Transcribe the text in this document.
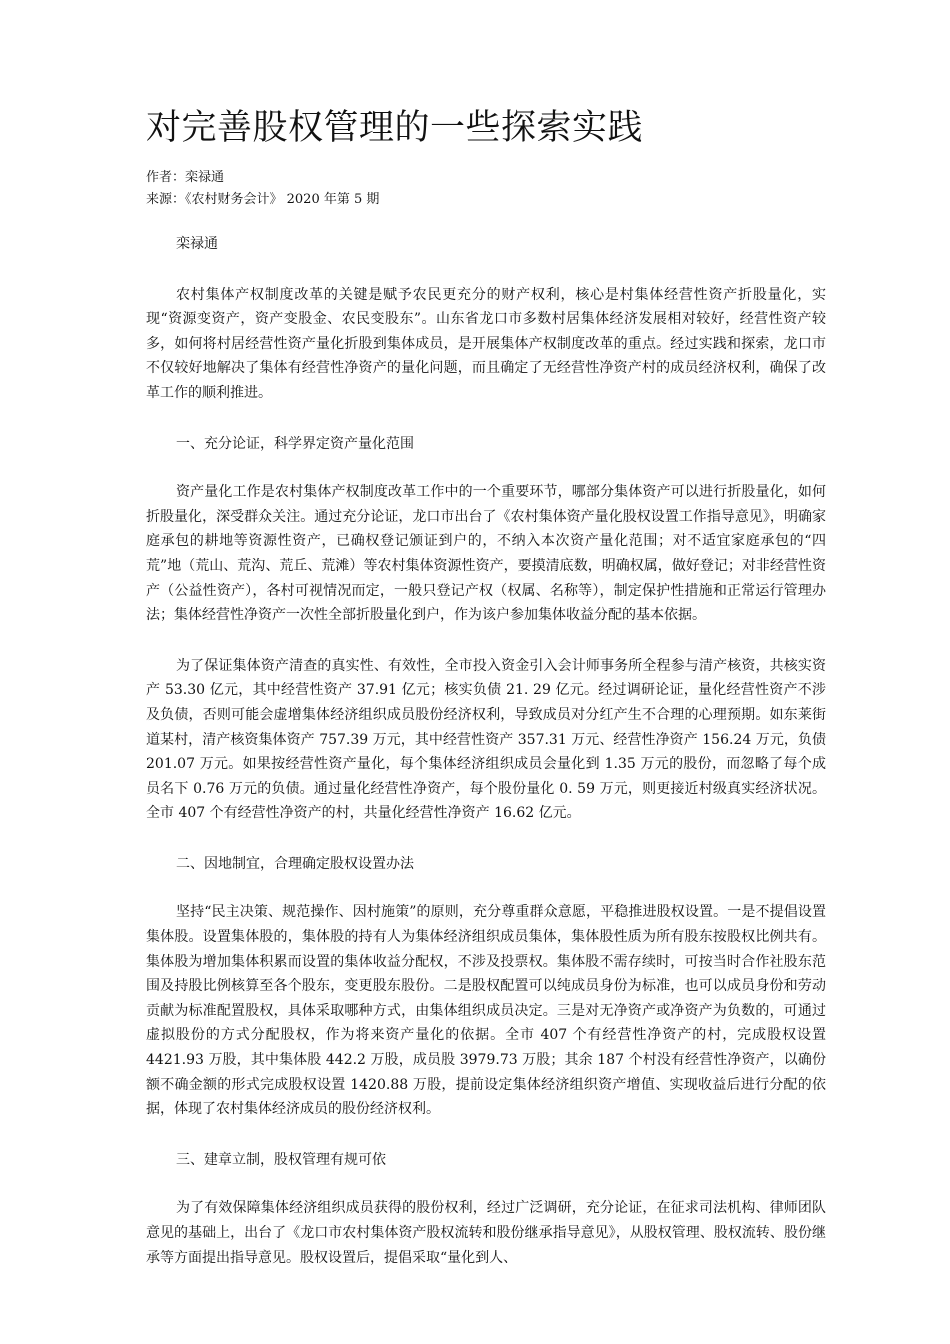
对完善股权管理的一些探索实践
作者：栾禄通
来源：《农村财务会计》 2020 年第 5 期

栾禄通

农村集体产权制度改革的关键是赋予农民更充分的财产权利，核心是村集体经营性资产折股量化，实现“资源变资产，资产变股金、农民变股东”。山东省龙口市多数村居集体经济发展相对较好，经营性资产较多，如何将村居经营性资产量化折股到集体成员，是开展集体产权制度改革的重点。经过实践和探索，龙口市不仅较好地解决了集体有经营性净资产的量化问题，而且确定了无经营性净资产村的成员经济权利，确保了改革工作的顺利推进。

一、充分论证，科学界定资产量化范围

资产量化工作是农村集体产权制度改革工作中的一个重要环节，哪部分集体资产可以进行折股量化，如何折股量化，深受群众关注。通过充分论证，龙口市出台了《农村集体资产量化股权设置工作指导意见》，明确家庭承包的耕地等资源性资产，已确权登记颁证到户的，不纳入本次资产量化范围；对不适宜家庭承包的“四荒”地（荒山、荒沟、荒丘、荒滩）等农村集体资源性资产，要摸清底数，明确权属，做好登记；对非经营性资产（公益性资产），各村可视情况而定，一般只登记产权（权属、名称等），制定保护性措施和正常运行管理办法；集体经营性净资产一次性全部折股量化到户，作为该户参加集体收益分配的基本依据。

为了保证集体资产清查的真实性、有效性，全市投入资金引入会计师事务所全程参与清产核资，共核实资产 53.30 亿元，其中经营性资产 37.91 亿元；核实负债 21. 29 亿元。经过调研论证，量化经营性资产不涉及负债，否则可能会虚增集体经济组织成员股份经济权利，导致成员对分红产生不合理的心理预期。如东莱街道某村，清产核资集体资产 757.39 万元，其中经营性资产 357.31 万元、经营性净资产 156.24 万元，负债 201.07 万元。如果按经营性资产量化，每个集体经济组织成员会量化到 1.35 万元的股份，而忽略了每个成员名下 0.76 万元的负债。通过量化经营性净资产，每个股份量化 0. 59 万元，则更接近村级真实经济状况。全市 407 个有经营性净资产的村，共量化经营性净资产 16.62 亿元。

二、因地制宜，合理确定股权设置办法

坚持“民主决策、规范操作、因村施策”的原则，充分尊重群众意愿，平稳推进股权设置。一是不提倡设置集体股。设置集体股的，集体股的持有人为集体经济组织成员集体，集体股性质为所有股东按股权比例共有。集体股为增加集体积累而设置的集体收益分配权，不涉及投票权。集体股不需存续时，可按当时合作社股东范围及持股比例核算至各个股东，变更股东股份。二是股权配置可以纯成员身份为标准，也可以成员身份和劳动贡献为标准配置股权，具体采取哪种方式，由集体组织成员决定。三是对无净资产或净资产为负数的，可通过虚拟股份的方式分配股权，作为将来资产量化的依据。全市 407 个有经营性净资产的村，完成股权设置 4421.93 万股，其中集体股 442.2 万股，成员股 3979.73 万股；其余 187 个村没有经营性净资产，以确份额不确金额的形式完成股权设置 1420.88 万股，提前设定集体经济组织资产增值、实现收益后进行分配的依据，体现了农村集体经济成员的股份经济权利。

三、建章立制，股权管理有规可依

为了有效保障集体经济组织成员获得的股份权利，经过广泛调研，充分论证，在征求司法机构、律师团队意见的基础上，出台了《龙口市农村集体资产股权流转和股份继承指导意见》，从股权管理、股权流转、股份继承等方面提出指导意见。股权设置后，提倡采取“量化到人、
